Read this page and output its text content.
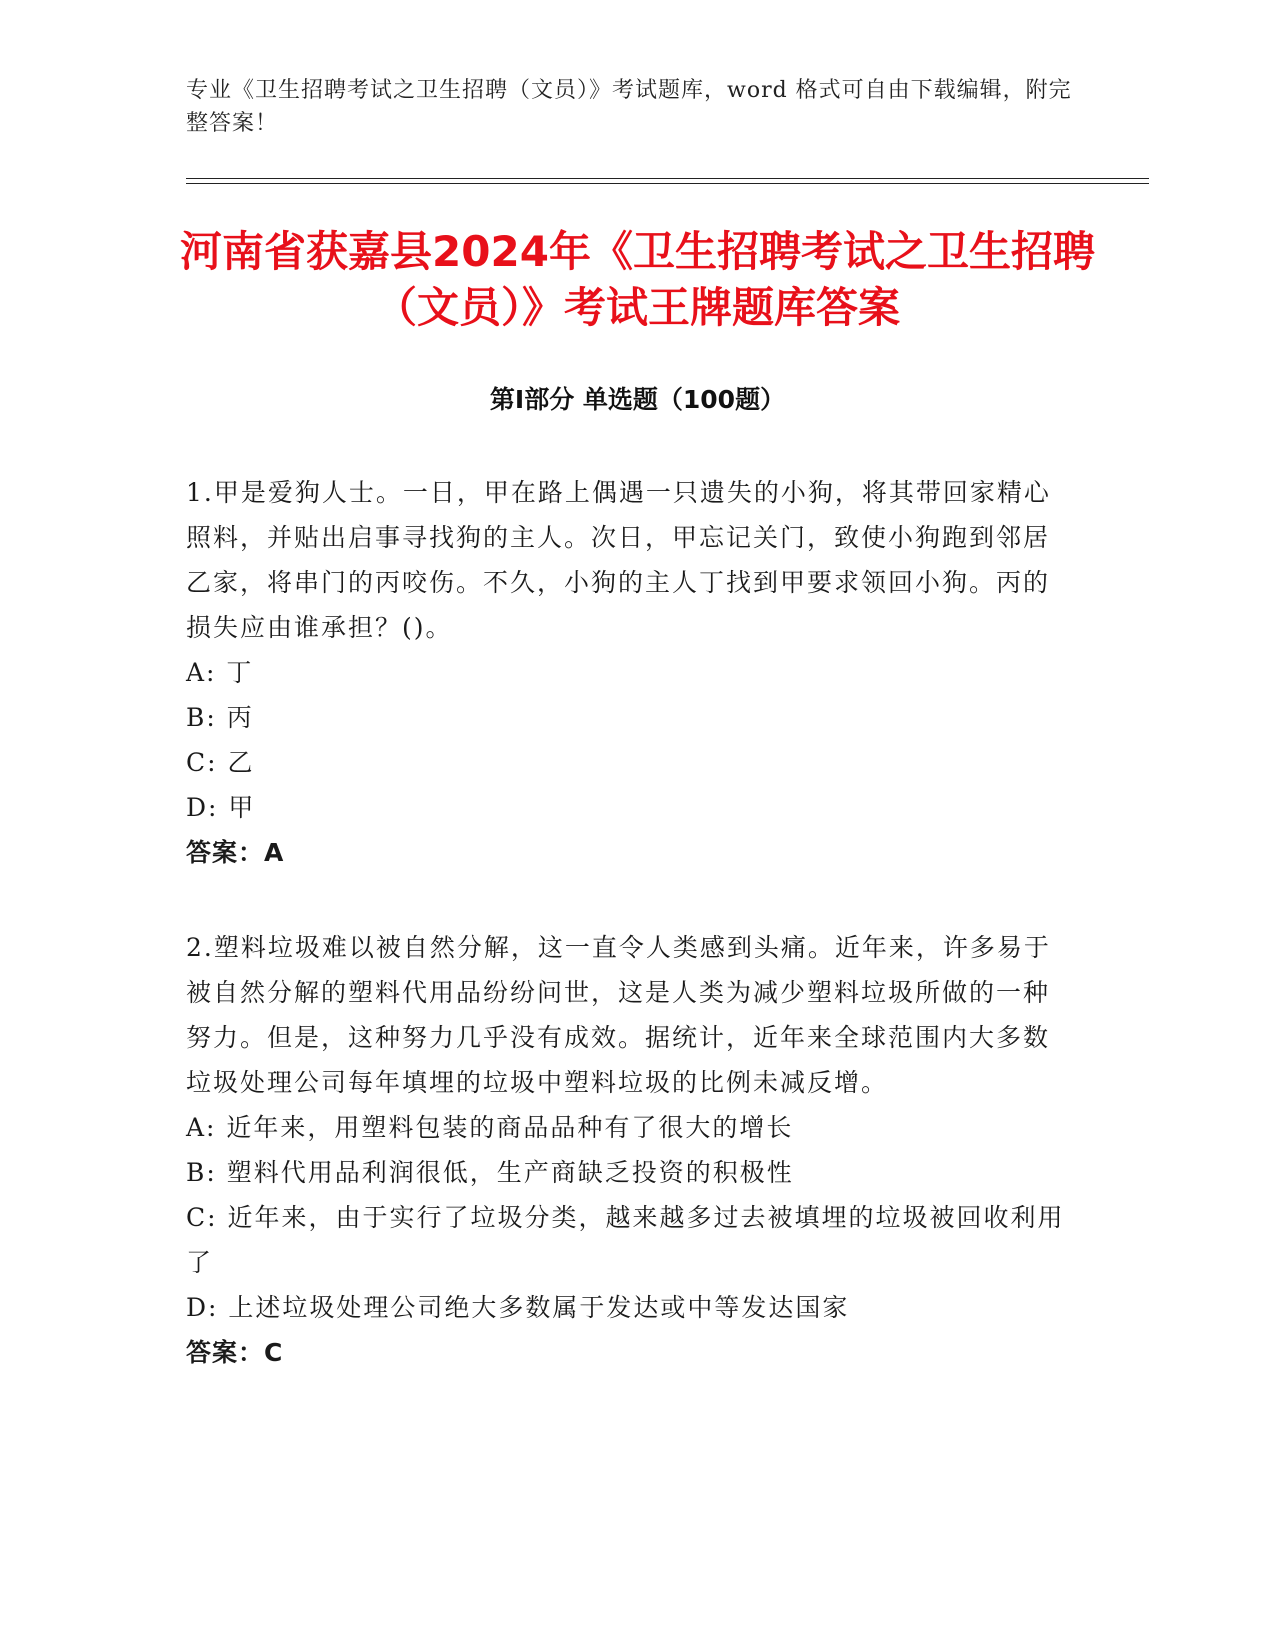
专业《卫生招聘考试之卫生招聘（文员）》考试题库，word 格式可自由下载编辑，附完整答案！
河南省获嘉县2024年《卫生招聘考试之卫生招聘（文员）》考试王牌题库答案
第Ⅰ部分 单选题（100题）

1.甲是爱狗人士。一日，甲在路上偶遇一只遗失的小狗，将其带回家精心照料，并贴出启事寻找狗的主人。次日，甲忘记关门，致使小狗跑到邻居乙家，将串门的丙咬伤。不久，小狗的主人丁找到甲要求领回小狗。丙的损失应由谁承担？()。

A: 丁

B: 丙

C: 乙

D: 甲

答案：A

2.塑料垃圾难以被自然分解，这一直令人类感到头痛。近年来，许多易于被自然分解的塑料代用品纷纷问世，这是人类为减少塑料垃圾所做的一种努力。但是，这种努力几乎没有成效。据统计，近年来全球范围内大多数垃圾处理公司每年填埋的垃圾中塑料垃圾的比例未减反增。

A: 近年来，用塑料包装的商品品种有了很大的增长

B: 塑料代用品利润很低，生产商缺乏投资的积极性

C: 近年来，由于实行了垃圾分类，越来越多过去被填埋的垃圾被回收利用了

D: 上述垃圾处理公司绝大多数属于发达或中等发达国家

答案：C
